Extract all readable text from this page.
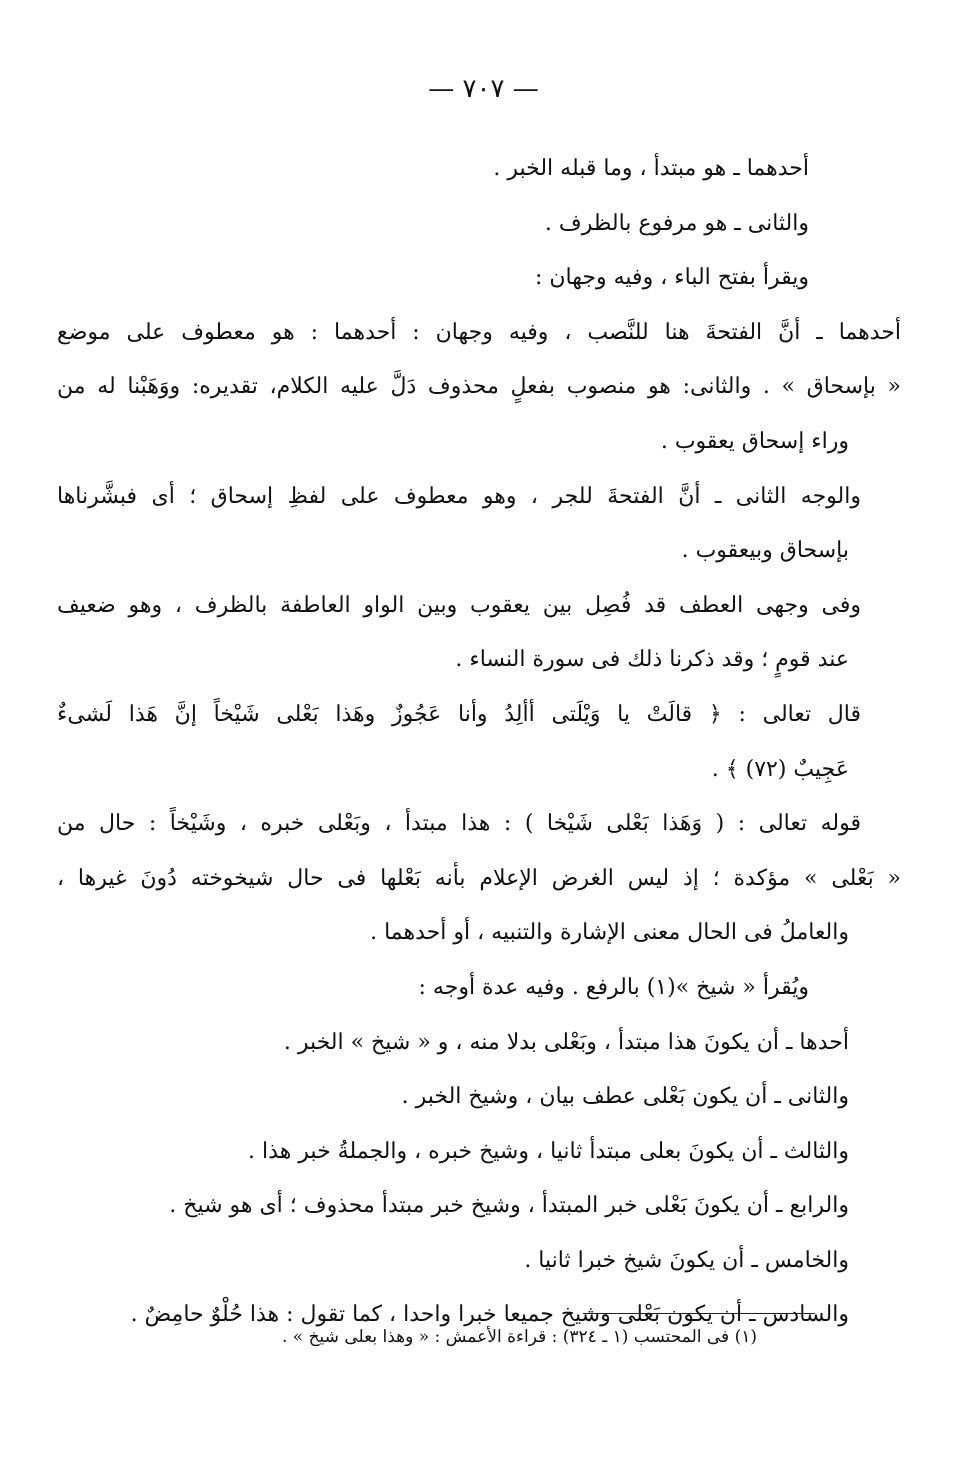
— ٧٠٧ —
أحدهما ـ هو مبتدأ ، وما قبله الخبر .
والثانى ـ هو مرفوع بالظرف .
ويقرأ بفتح الباء ، وفيه وجهان :
أحدهما ـ أنَّ الفتحةَ هنا للنَّصب ، وفيه وجهان : أحدهما : هو معطوف على موضع
« بإسحاق » . والثانى: هو منصوب بفعلٍ محذوف دَلَّ عليه الكلام، تقديره: ووَهَبْنا له من
وراء إسحاق يعقوب .
والوجه الثانى ـ أنَّ الفتحةَ للجر ، وهو معطوف على لفظِ إسحاق ؛ أى فبشَّرناها
بإسحاق وبيعقوب .
وفى وجهى العطف قد فُصِل بين يعقوب وبين الواو العاطفة بالظرف ، وهو ضعيف
عند قومٍ ؛ وقد ذكرنا ذلك فى سورة النساء .
قال تعالى : ﴿ قالَتْ يا وَيْلَتى أألِدُ وأنا عَجُوزٌ وهَذا بَعْلى شَيْخاً إنَّ هَذا لَشىءٌ
عَجِيبٌ (٧٢) ﴾ .
قوله تعالى : ( وَهَذا بَعْلى شَيْخا ) : هذا مبتدأ ، وبَعْلى خبره ، وشَيْخاً : حال من
« بَعْلى » مؤكدة ؛ إذ ليس الغرض الإعلام بأنه بَعْلها فى حال شيخوخته دُونَ غيرها ،
والعاملُ فى الحال معنى الإشارة والتنبيه ، أو أحدهما .
ويُقرأ « شيخ »(١) بالرفع . وفيه عدة أوجه :
أحدها ـ أن يكونَ هذا مبتدأ ، وبَعْلى بدلا منه ، و « شيخ » الخبر .
والثانى ـ أن يكون بَعْلى عطف بيان ، وشيخ الخبر .
والثالث ـ أن يكونَ بعلى مبتدأ ثانيا ، وشيخ خبره ، والجملةُ خبر هذا .
والرابع ـ أن يكونَ بَعْلى خبر المبتدأ ، وشيخ خبر مبتدأ محذوف ؛ أى هو شيخ .
والخامس ـ أن يكونَ شيخ خبرا ثانيا .
والسادس ـ أن يكون بَعْلى وشيخ جميعا خبرا واحدا ، كما تقول : هذا حُلْوٌ حامِضٌ .
(١) فى المحتسب (١ ـ ٣٢٤) : قراءة الأعمش : « وهذا بعلى شيخ » .
